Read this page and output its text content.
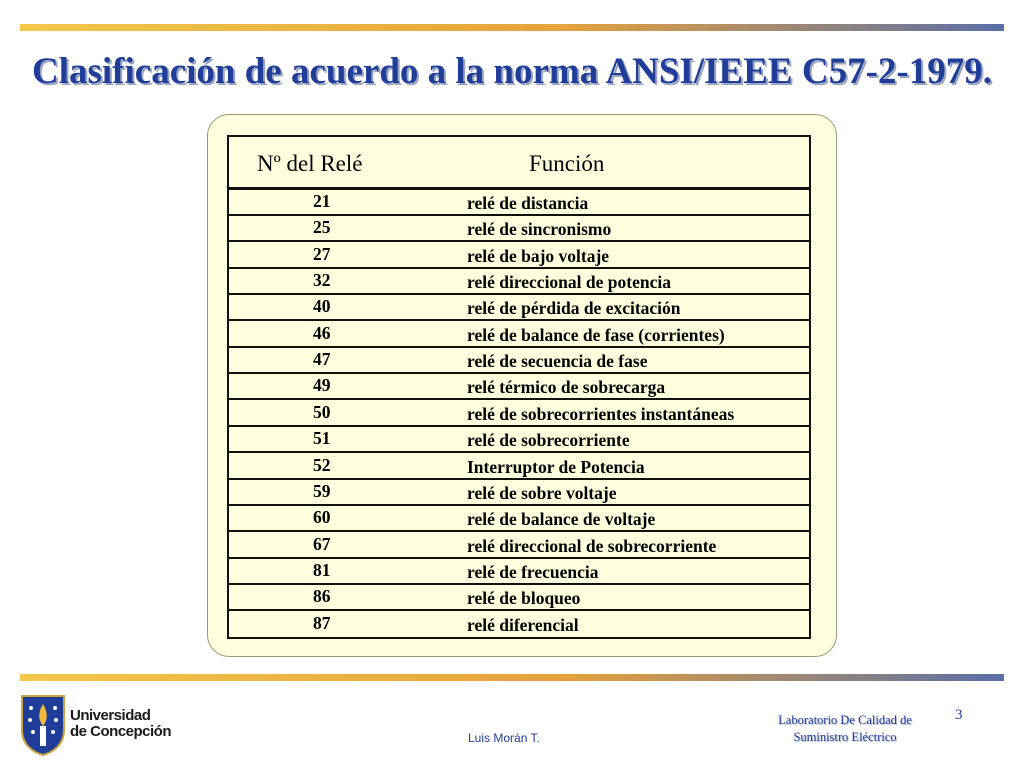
Clasificación de acuerdo a la norma ANSI/IEEE C57-2-1979.
Nº del Relé	Función
21	relé de distancia
25	relé de sincronismo
27	relé de bajo voltaje
32	relé direccional de potencia
40	relé de pérdida de excitación
46	relé de balance de fase (corrientes)
47	relé de secuencia de fase
49	relé térmico de sobrecarga
50	relé de sobrecorrientes instantáneas
51	relé de sobrecorriente
52	Interruptor de Potencia
59	relé de sobre voltaje
60	relé de balance de voltaje
67	relé direccional de sobrecorriente
81	relé de frecuencia
86	relé de bloqueo
87	relé diferencial
Universidad
de Concepción	Luis Morán T.
Laboratorio De Calidad de
Suministro Eléctrico
3
